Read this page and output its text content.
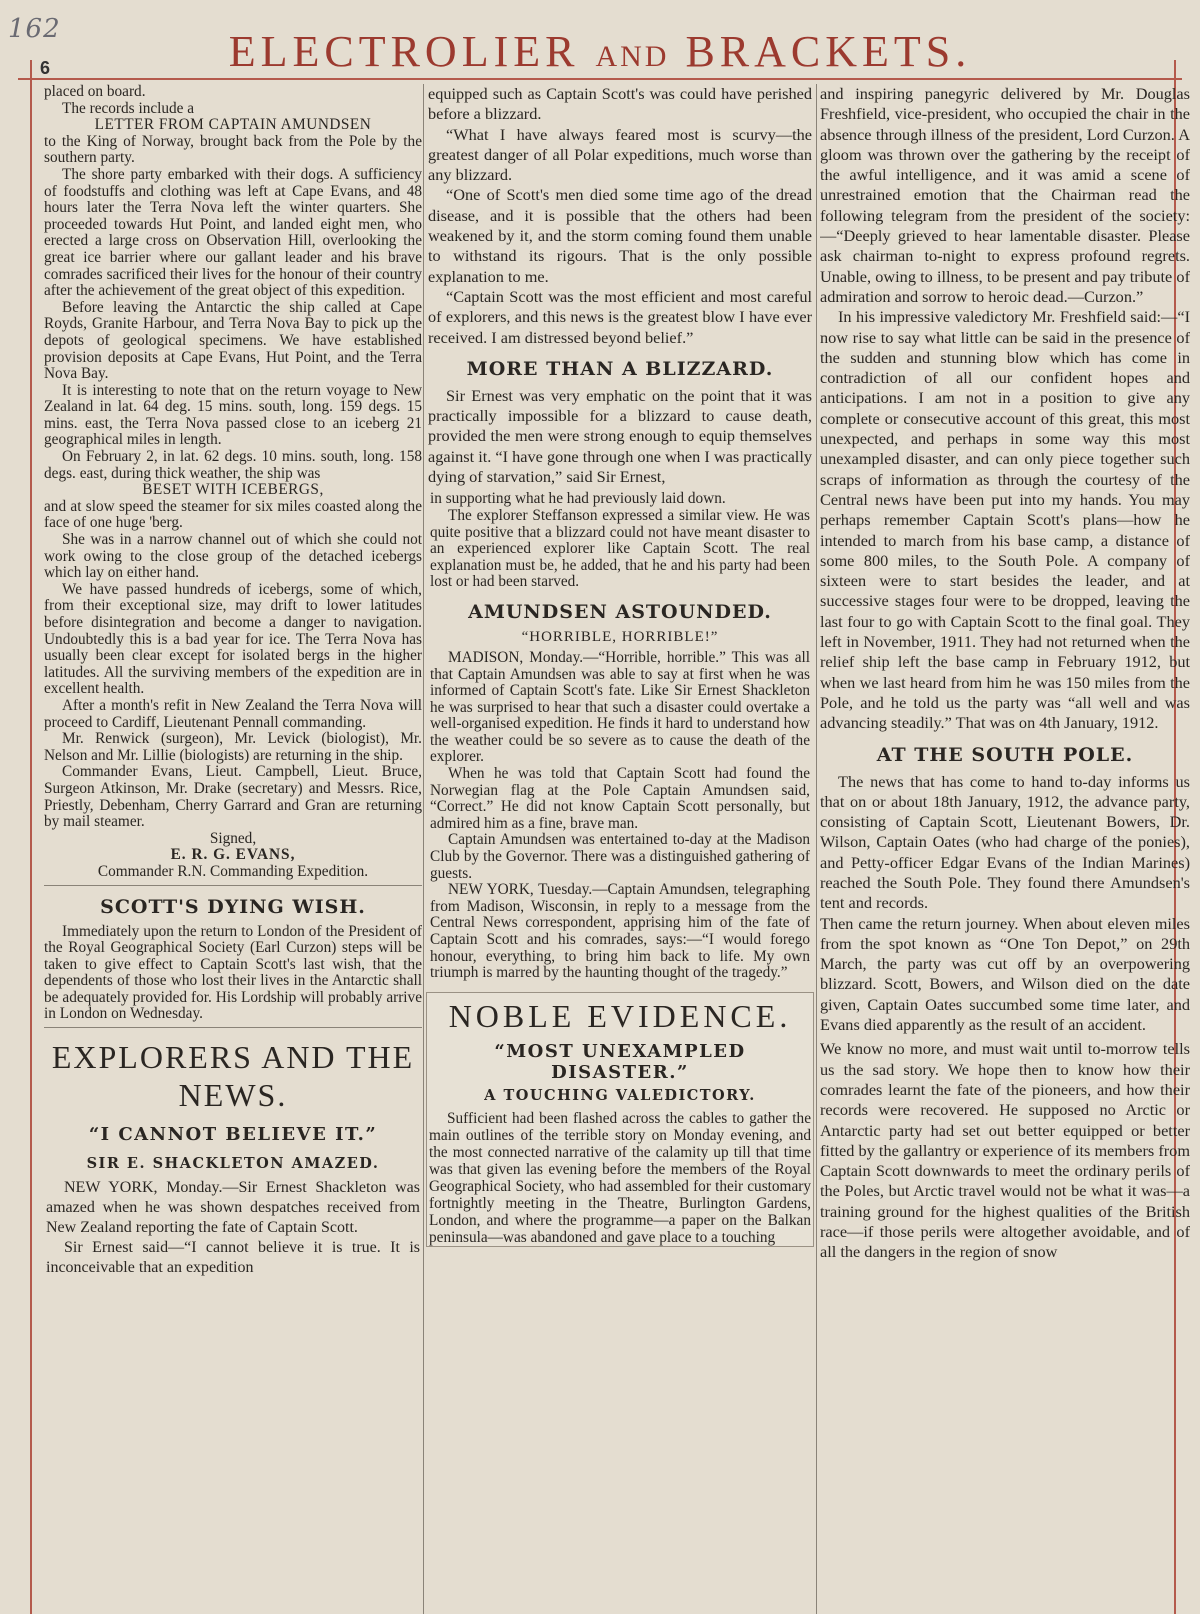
162	ELECTROLIER AND BRACKETS.
6

placed on board.

The records include a

LETTER FROM CAPTAIN AMUNDSEN

to the King of Norway, brought back from the Pole by the southern party.

The shore party embarked with their dogs. A sufficiency of foodstuffs and clothing was left at Cape Evans, and 48 hours later the Terra Nova left the winter quarters. She proceeded towards Hut Point, and landed eight men, who erected a large cross on Observation Hill, overlooking the great ice barrier where our gallant leader and his brave comrades sacrificed their lives for the honour of their country after the achievement of the great object of this expedition.

Before leaving the Antarctic the ship called at Cape Royds, Granite Harbour, and Terra Nova Bay to pick up the depots of geological specimens. We have established provision deposits at Cape Evans, Hut Point, and the Terra Nova Bay.

It is interesting to note that on the return voyage to New Zealand in lat. 64 deg. 15 mins. south, long. 159 degs. 15 mins. east, the Terra Nova passed close to an iceberg 21 geographical miles in length.

On February 2, in lat. 62 degs. 10 mins. south, long. 158 degs. east, during thick weather, the ship was

BESET WITH ICEBERGS,

and at slow speed the steamer for six miles coasted along the face of one huge 'berg.

She was in a narrow channel out of which she could not work owing to the close group of the detached icebergs which lay on either hand.

We have passed hundreds of icebergs, some of which, from their exceptional size, may drift to lower latitudes before disintegration and become a danger to navigation. Undoubtedly this is a bad year for ice. The Terra Nova has usually been clear except for isolated bergs in the higher latitudes. All the surviving members of the expedition are in excellent health.

After a month's refit in New Zealand the Terra Nova will proceed to Cardiff, Lieutenant Pennall commanding.

Mr. Renwick (surgeon), Mr. Levick (biologist), Mr. Nelson and Mr. Lillie (biologists) are returning in the ship.

Commander Evans, Lieut. Campbell, Lieut. Bruce, Surgeon Atkinson, Mr. Drake (secretary) and Messrs. Rice, Priestly, Debenham, Cherry Garrard and Gran are returning by mail steamer.

Signed,

E. R. G. EVANS,

Commander R.N. Commanding Expedition.

SCOTT'S DYING WISH.

Immediately upon the return to London of the President of the Royal Geographical Society (Earl Curzon) steps will be taken to give effect to Captain Scott's last wish, that the dependents of those who lost their lives in the Antarctic shall be adequately provided for. His Lordship will probably arrive in London on Wednesday.

EXPLORERS AND THE NEWS.
“I CANNOT BELIEVE IT.”
SIR E. SHACKLETON AMAZED.

NEW YORK, Monday.—Sir Ernest Shackleton was amazed when he was shown despatches received from New Zealand reporting the fate of Captain Scott.

Sir Ernest said—“I cannot believe it is true. It is inconceivable that an expedition

equipped such as Captain Scott's was could have perished before a blizzard.

“What I have always feared most is scurvy—the greatest danger of all Polar expeditions, much worse than any blizzard.

“One of Scott's men died some time ago of the dread disease, and it is possible that the others had been weakened by it, and the storm coming found them unable to withstand its rigours. That is the only possible explanation to me.

“Captain Scott was the most efficient and most careful of explorers, and this news is the greatest blow I have ever received. I am distressed beyond belief.”

MORE THAN A BLIZZARD.

Sir Ernest was very emphatic on the point that it was practically impossible for a blizzard to cause death, provided the men were strong enough to equip themselves against it. “I have gone through one when I was practically dying of starvation,” said Sir Ernest,

in supporting what he had previously laid down.

The explorer Steffanson expressed a similar view. He was quite positive that a blizzard could not have meant disaster to an experienced explorer like Captain Scott. The real explanation must be, he added, that he and his party had been lost or had been starved.

AMUNDSEN ASTOUNDED.
“HORRIBLE, HORRIBLE!”

MADISON, Monday.—“Horrible, horrible.” This was all that Captain Amundsen was able to say at first when he was informed of Captain Scott's fate. Like Sir Ernest Shackleton he was surprised to hear that such a disaster could overtake a well-organised expedition. He finds it hard to understand how the weather could be so severe as to cause the death of the explorer.

When he was told that Captain Scott had found the Norwegian flag at the Pole Captain Amundsen said, “Correct.” He did not know Captain Scott personally, but admired him as a fine, brave man.

Captain Amundsen was entertained to-day at the Madison Club by the Governor. There was a distinguished gathering of guests.

NEW YORK, Tuesday.—Captain Amundsen, telegraphing from Madison, Wisconsin, in reply to a message from the Central News correspondent, apprising him of the fate of Captain Scott and his comrades, says:—“I would forego honour, everything, to bring him back to life. My own triumph is marred by the haunting thought of the tragedy.”

NOBLE EVIDENCE.
“MOST UNEXAMPLED DISASTER.”
A TOUCHING VALEDICTORY.

Sufficient had been flashed across the cables to gather the main outlines of the terrible story on Monday evening, and the most connected narrative of the calamity up till that time was that given las evening before the members of the Royal Geographical Society, who had assembled for their customary fortnightly meeting in the Theatre, Burlington Gardens, London, and where the programme—a paper on the Balkan peninsula—was abandoned and gave place to a touching

and inspiring panegyric delivered by Mr. Douglas Freshfield, vice-president, who occupied the chair in the absence through illness of the president, Lord Curzon. A gloom was thrown over the gathering by the receipt of the awful intelligence, and it was amid a scene of unrestrained emotion that the Chairman read the following telegram from the president of the society:—“Deeply grieved to hear lamentable disaster. Please ask chairman to-night to express profound regrets. Unable, owing to illness, to be present and pay tribute of admiration and sorrow to heroic dead.—Curzon.”

In his impressive valedictory Mr. Freshfield said:—“I now rise to say what little can be said in the presence of the sudden and stunning blow which has come in contradiction of all our confident hopes and anticipations. I am not in a position to give any complete or consecutive account of this great, this most unexpected, and perhaps in some way this most unexampled disaster, and can only piece together such scraps of information as through the courtesy of the Central news have been put into my hands. You may perhaps remember Captain Scott's plans—how he intended to march from his base camp, a distance of some 800 miles, to the South Pole. A company of sixteen were to start besides the leader, and at successive stages four were to be dropped, leaving the last four to go with Captain Scott to the final goal. They left in November, 1911. They had not returned when the relief ship left the base camp in February 1912, but when we last heard from him he was 150 miles from the Pole, and he told us the party was “all well and was advancing steadily.” That was on 4th January, 1912.

AT THE SOUTH POLE.

The news that has come to hand to-day informs us that on or about 18th January, 1912, the advance party, consisting of Captain Scott, Lieutenant Bowers, Dr. Wilson, Captain Oates (who had charge of the ponies), and Petty-officer Edgar Evans of the Indian Marines) reached the South Pole. They found there Amundsen's tent and records.

Then came the return journey. When about eleven miles from the spot known as “One Ton Depot,” on 29th March, the party was cut off by an overpowering blizzard. Scott, Bowers, and Wilson died on the date given, Captain Oates succumbed some time later, and Evans died apparently as the result of an accident.

We know no more, and must wait until to-morrow tells us the sad story. We hope then to know how their comrades learnt the fate of the pioneers, and how their records were recovered. He supposed no Arctic or Antarctic party had set out better equipped or better fitted by the gallantry or experience of its members from Captain Scott downwards to meet the ordinary perils of the Poles, but Arctic travel would not be what it was—a training ground for the highest qualities of the British race—if those perils were altogether avoidable, and of all the dangers in the region of snow
